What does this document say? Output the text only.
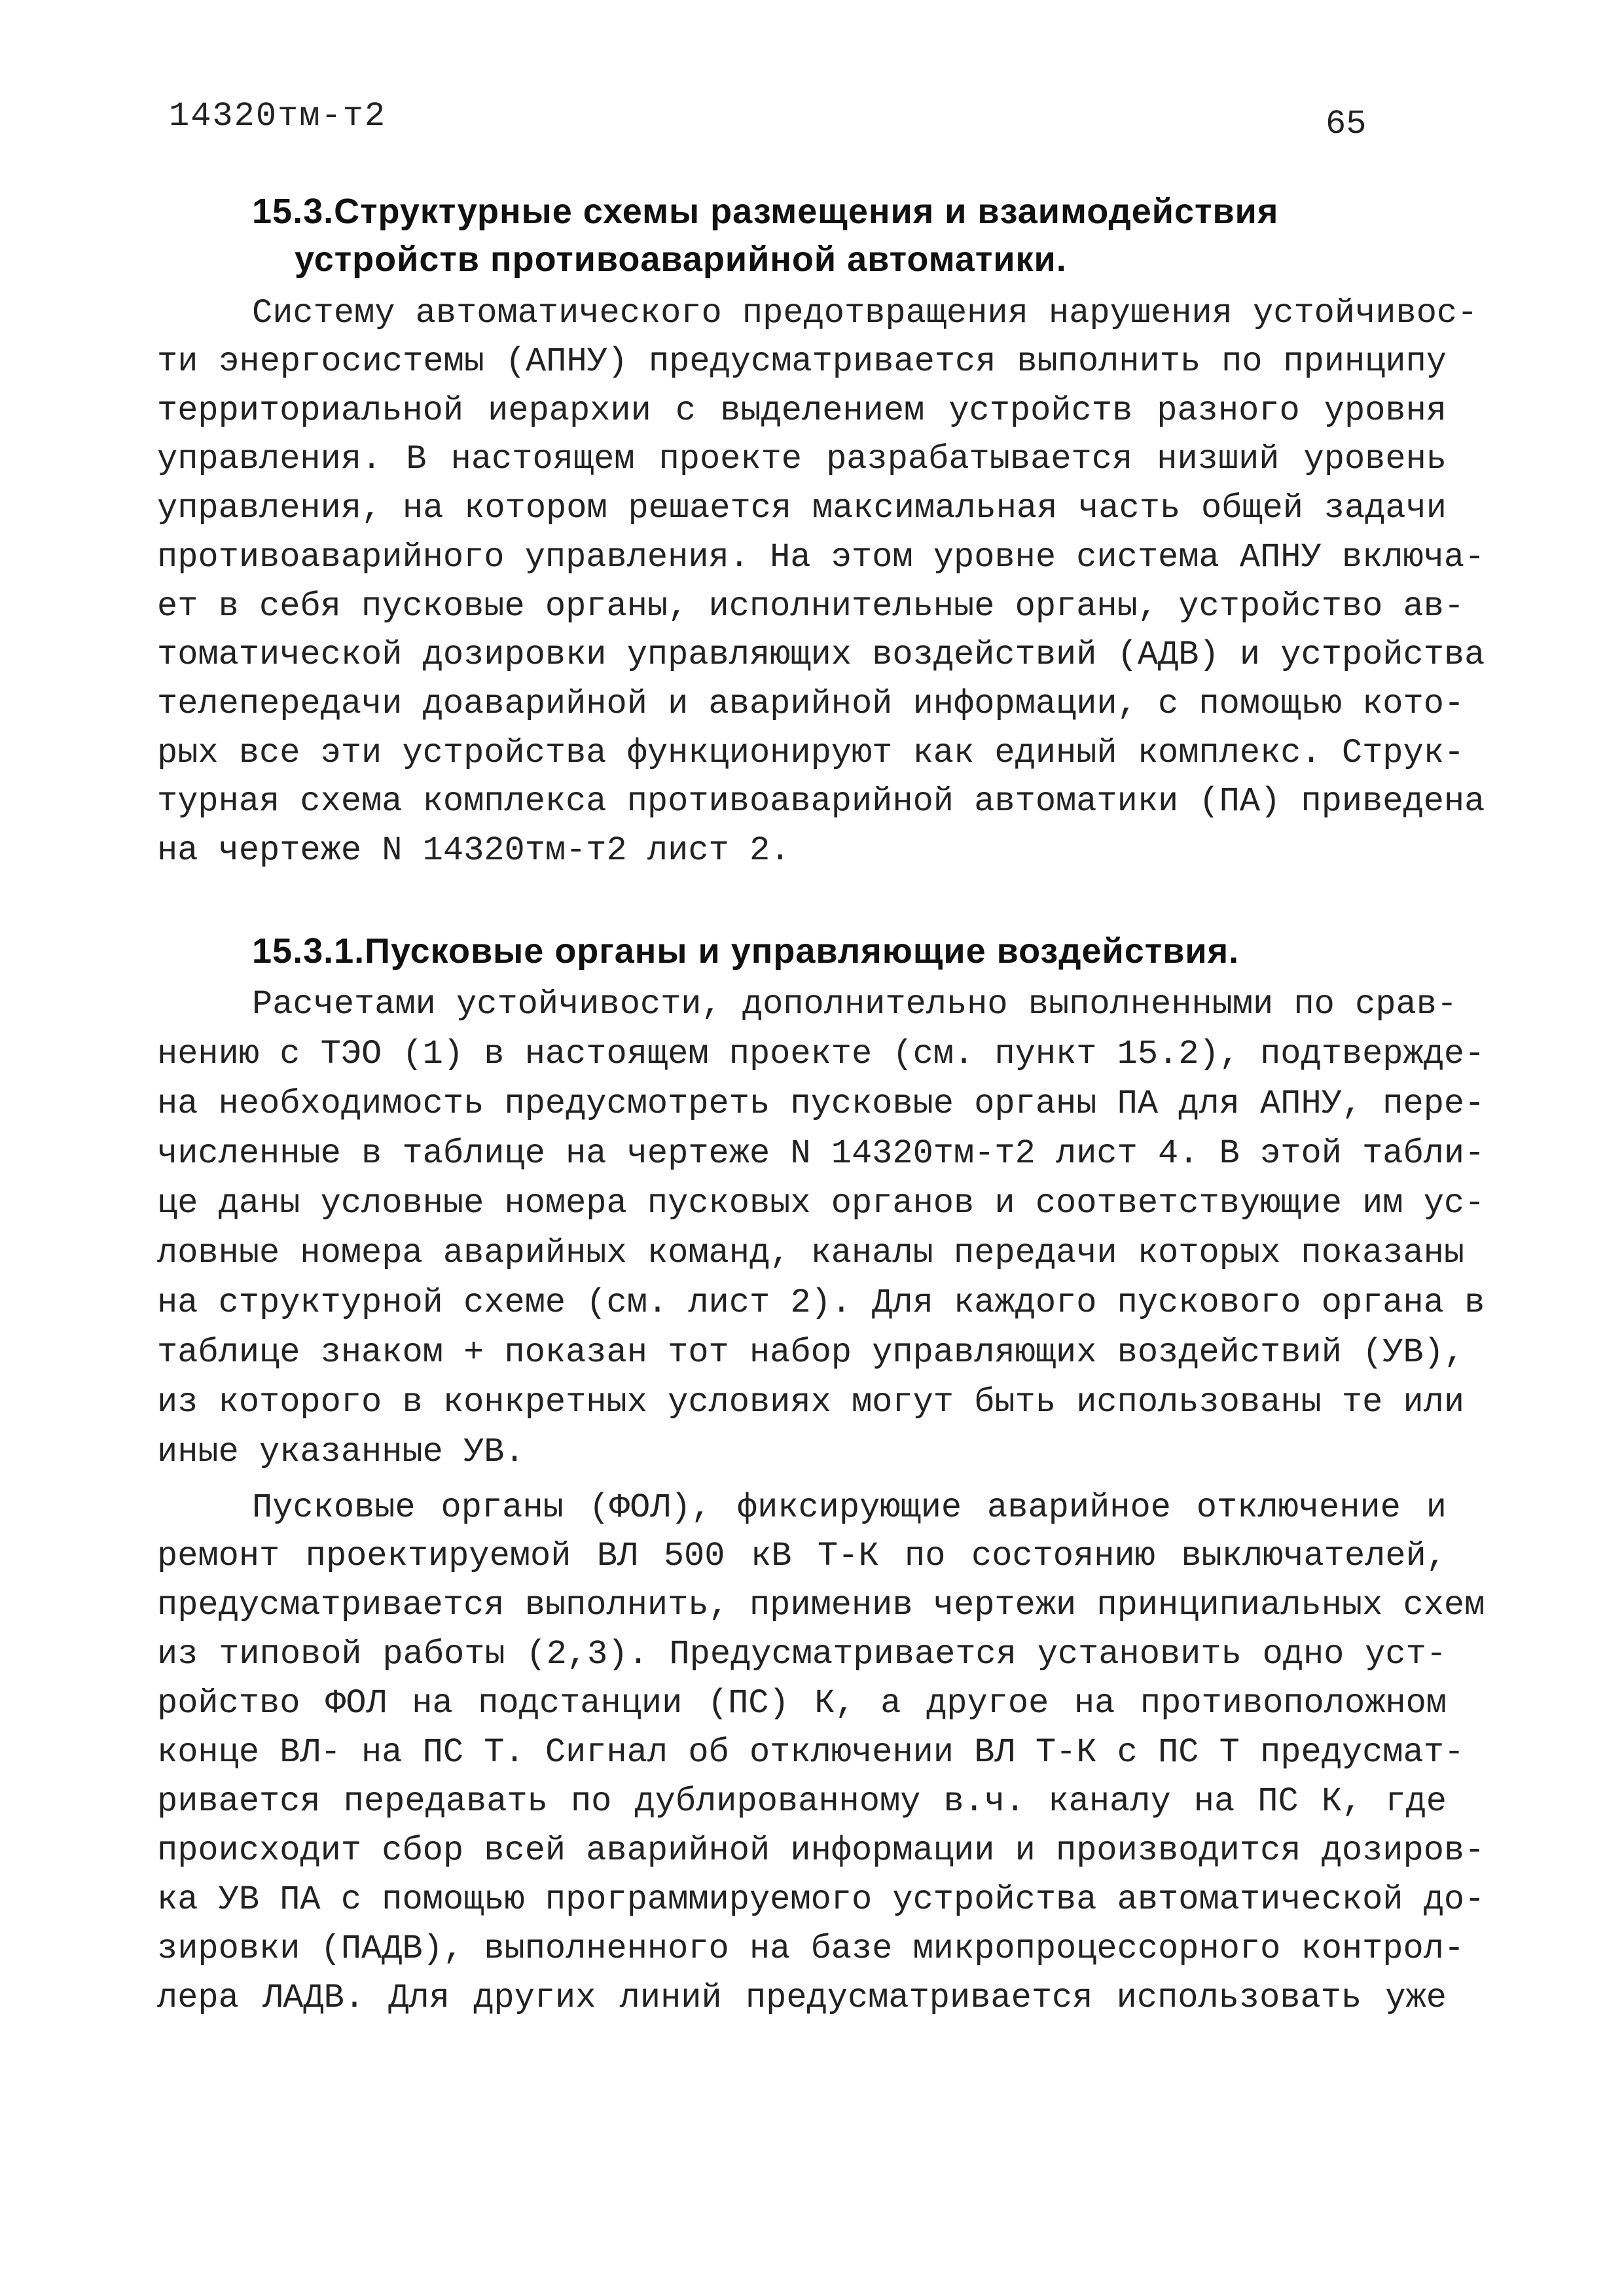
14320тм-т2	65
15.3.Структурные схемы размещения и взаимодействия
устройств противоаварийной автоматики.
Систему автоматического предотвращения нарушения устойчивос-
ти энергосистемы (АПНУ) предусматривается выполнить по принципу
территориальной иерархии с выделением устройств разного уровня
управления. В настоящем проекте разрабатывается низший уровень
управления, на котором решается максимальная часть общей задачи
противоаварийного управления. На этом уровне система АПНУ включа-
ет в себя пусковые органы, исполнительные органы, устройство ав-
томатической дозировки управляющих воздействий (АДВ) и устройства
телепередачи доаварийной и аварийной информации, с помощью кото-
рых все эти устройства функционируют как единый комплекс. Струк-
турная схема комплекса противоаварийной автоматики (ПА) приведена
на чертеже N 14320тм-т2 лист 2.
15.3.1.Пусковые органы и управляющие воздействия.
Расчетами устойчивости, дополнительно выполненными по срав-
нению с ТЭО (1) в настоящем проекте (см. пункт 15.2), подтвержде-
на необходимость предусмотреть пусковые органы ПА для АПНУ, пере-
численные в таблице на чертеже N 14320тм-т2 лист 4. В этой табли-
це даны условные номера пусковых органов и соответствующие им ус-
ловные номера аварийных команд, каналы передачи которых показаны
на структурной схеме (см. лист 2). Для каждого пускового органа в
таблице знаком + показан тот набор управляющих воздействий (УВ),
из которого в конкретных условиях могут быть использованы те или
иные указанные УВ.
Пусковые органы (ФОЛ), фиксирующие аварийное отключение и
ремонт проектируемой ВЛ 500 кВ Т-К по состоянию выключателей,
предусматривается выполнить, применив чертежи принципиальных схем
из типовой работы (2,3). Предусматривается установить одно уст-
ройство ФОЛ на подстанции (ПС) К, а другое на противоположном
конце ВЛ- на ПС Т. Сигнал об отключении ВЛ Т-К с ПС Т предусмат-
ривается передавать по дублированному в.ч. каналу на ПС К, где
происходит сбор всей аварийной информации и производится дозиров-
ка УВ ПА с помощью программируемого устройства автоматической до-
зировки (ПАДВ), выполненного на базе микропроцессорного контрол-
лера ЛАДВ. Для других линий предусматривается использовать уже
